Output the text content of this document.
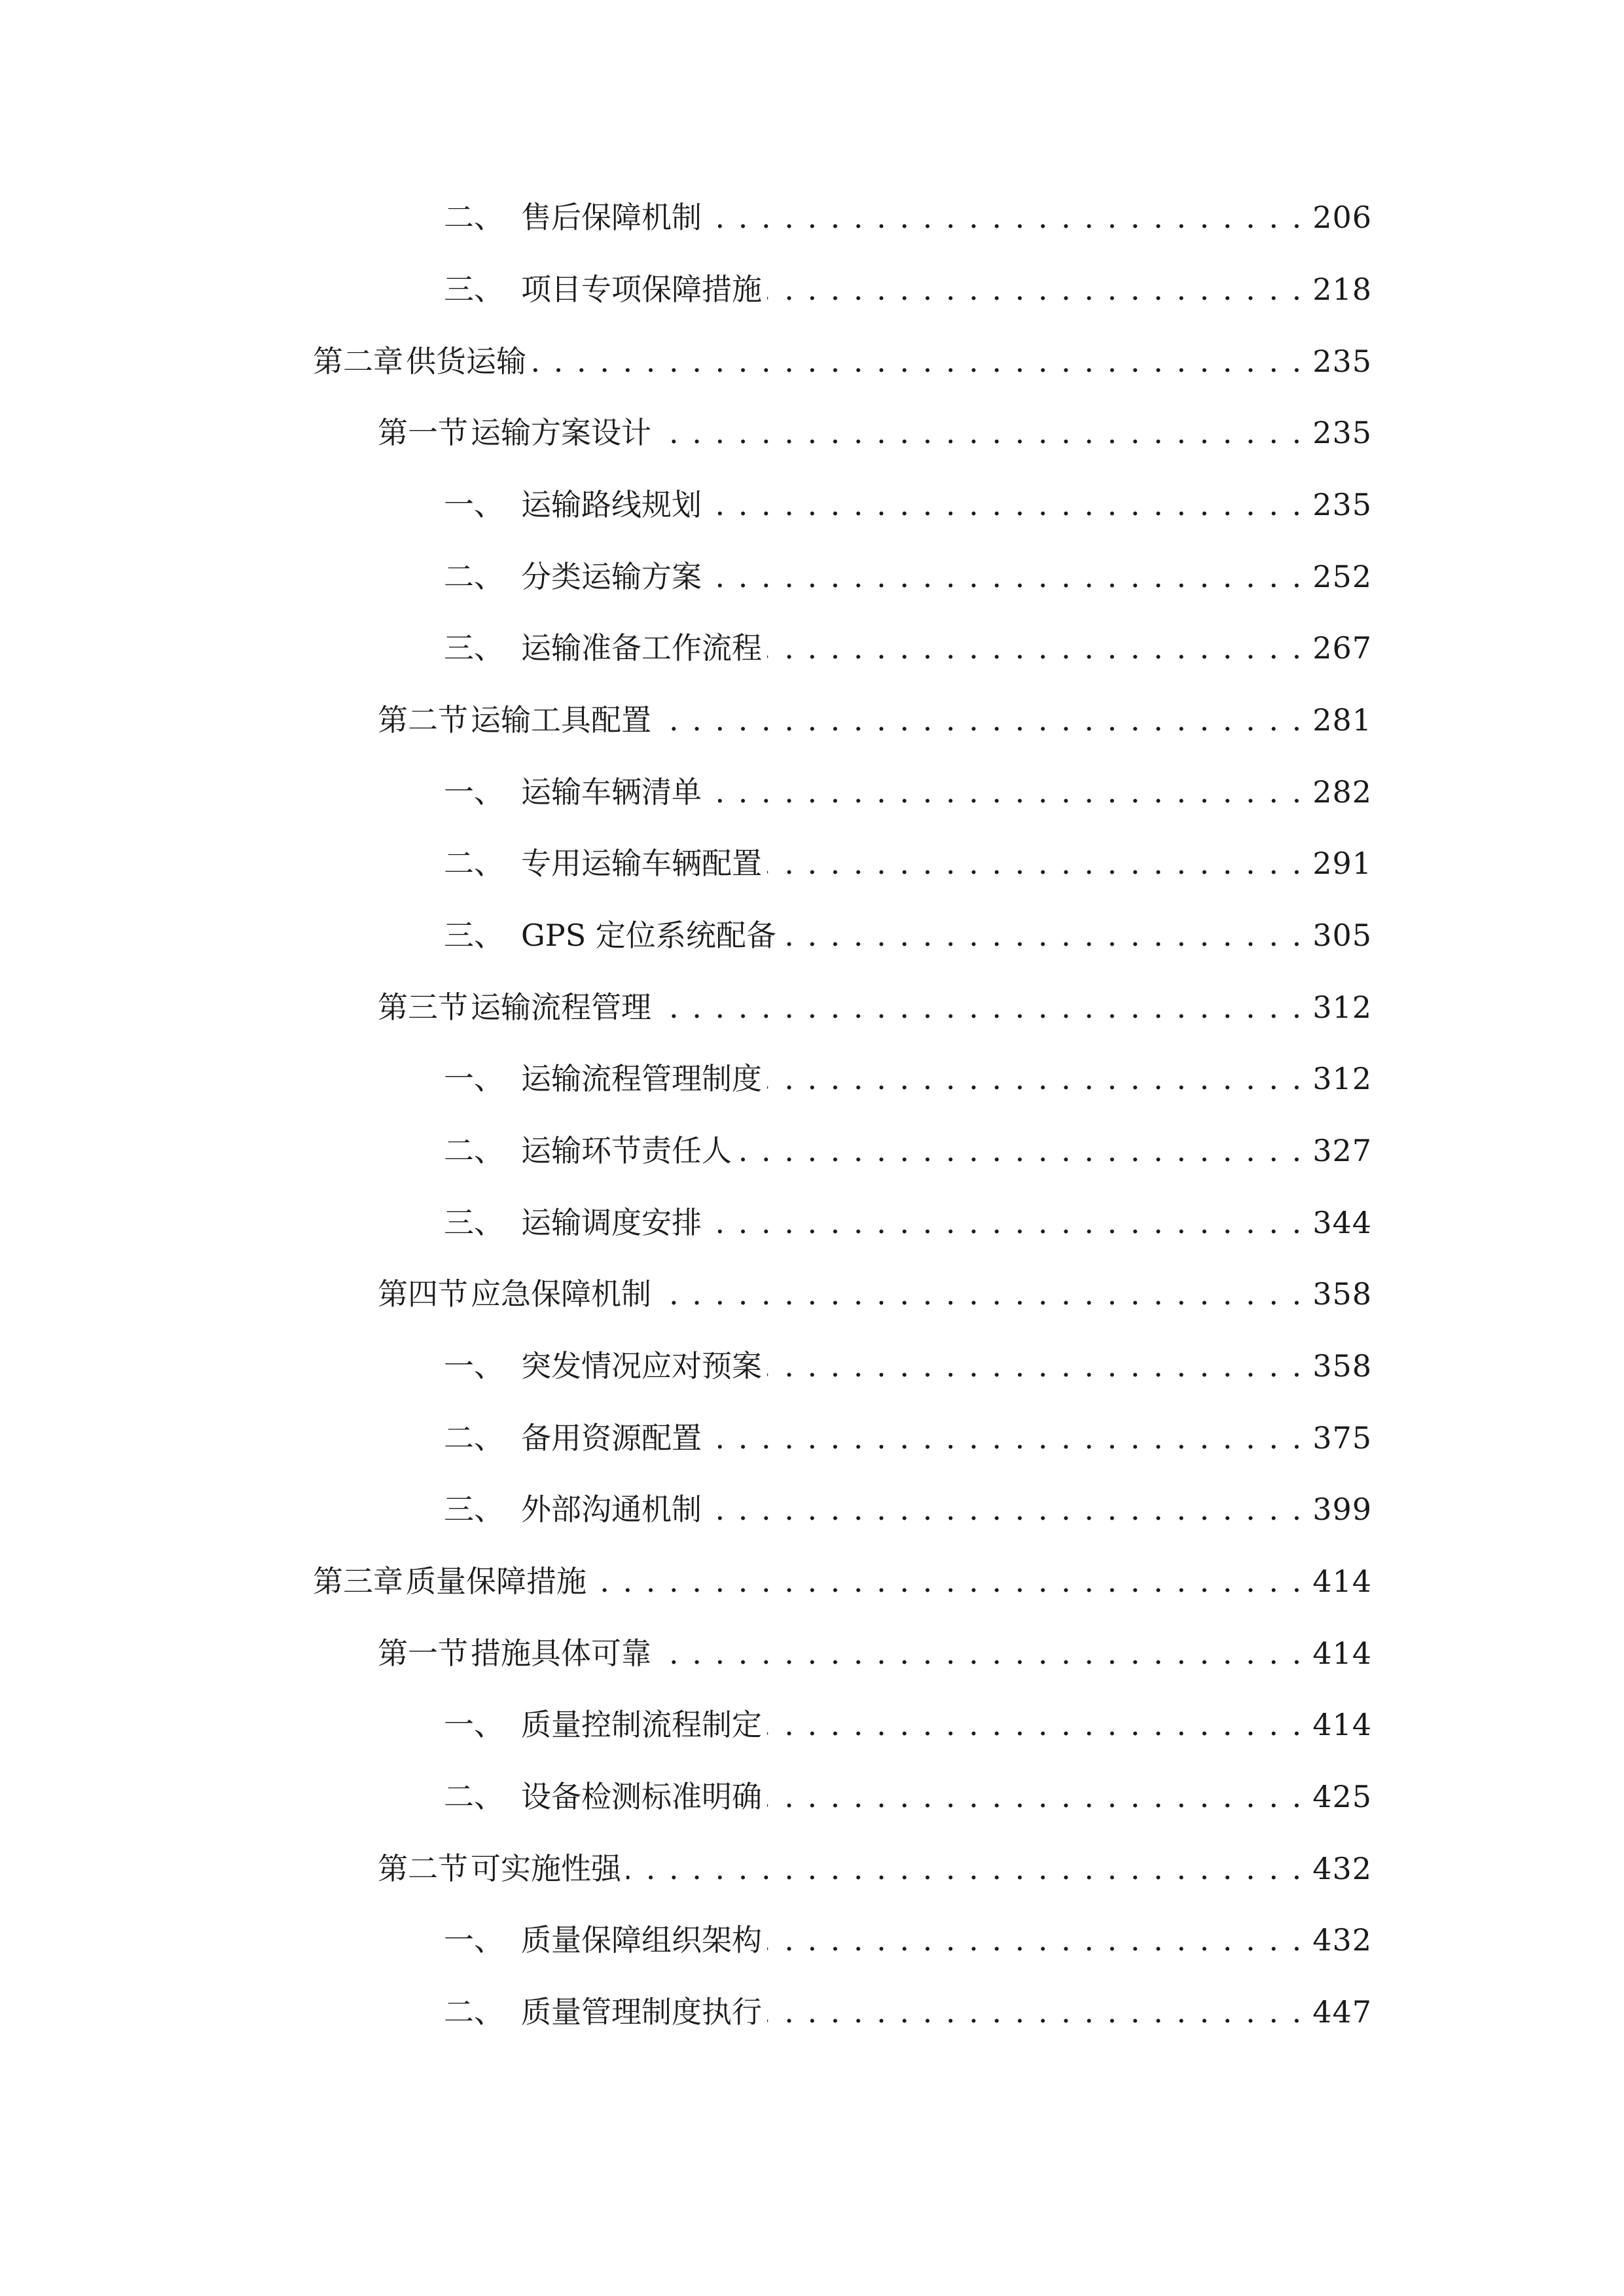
二、 售后保障机制 . . .	206
三、 项目专项保障措施 . . .	218
第二章 供货运输 . . .	235
第一节 运输方案设计 . . .	235
一、 运输路线规划 . . .	235
二、 分类运输方案 . . .	252
三、 运输准备工作流程 . . .	267
第二节 运输工具配置 . . .	281
一、 运输车辆清单 . . .	282
二、 专用运输车辆配置 . . .	291
三、 GPS 定位系统配备 . . .	305
第三节 运输流程管理 . . .	312
一、 运输流程管理制度 . . .	312
二、 运输环节责任人 . . .	327
三、 运输调度安排 . . .	344
第四节 应急保障机制 . . .	358
一、 突发情况应对预案 . . .	358
二、 备用资源配置 . . .	375
三、 外部沟通机制 . . .	399
第三章 质量保障措施 . . .	414
第一节 措施具体可靠 . . .	414
一、 质量控制流程制定 . . .	414
二、 设备检测标准明确 . . .	425
第二节 可实施性强 . . .	432
一、 质量保障组织架构 . . .	432
二、 质量管理制度执行 . . .	447
